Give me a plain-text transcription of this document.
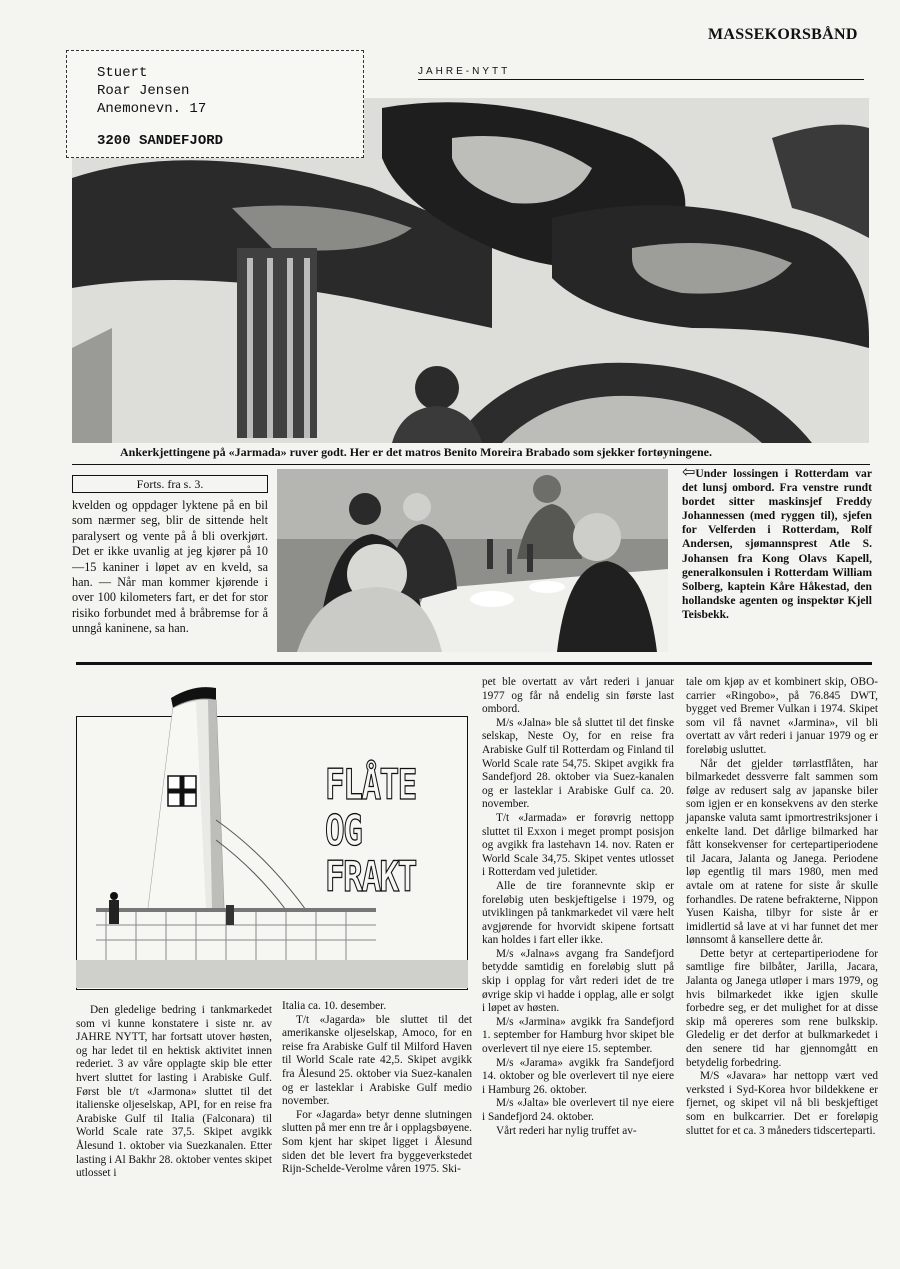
MASSEKORSBÅND
JAHRE-NYTT
Stuert
Roar Jensen
Anemonevn. 17
3200 SANDEFJORD
Ankerkjettingene på «Jarmada» ruver godt. Her er det matros Benito Moreira Brabado som sjekker fortøyningene.
Forts. fra s. 3.
kvelden og oppdager lyktene på en bil som nærmer seg, blir de sittende helt paralysert og vente på å bli overkjørt. Det er ikke uvanlig at jeg kjører på 10—15 kaniner i løpet av en kveld, sa han. — Når man kommer kjørende i over 100 kilometers fart, er det for stor risiko forbundet med å bråbremse for å unngå kaninene, sa han.
⇦Under lossingen i Rotterdam var det lunsj ombord. Fra venstre rundt bordet sitter maskinsjef Freddy Johannessen (med ryggen til), sjefen for Velferden i Rotterdam, Rolf Andersen, sjømannsprest Atle S. Johansen fra Kong Olavs Kapell, generalkonsulen i Rotterdam William Solberg, kaptein Kåre Håkestad, den hollandske agenten og inspektør Kjell Teisbekk.
FLÅTE
OG
FRAKT

Den gledelige bedring i tankmarkedet som vi kunne konstatere i siste nr. av JAHRE NYTT, har fortsatt utover høsten, og har ledet til en hektisk aktivitet innen rederiet. 3 av våre opplagte skip ble etter hvert sluttet for lasting i Arabiske Gulf. Først ble t/t «Jarmona» sluttet til det italienske oljeselskap, API, for en reise fra Arabiske Gulf til Italia (Falconara) til World Scale rate 37,5. Skipet avgikk Ålesund 1. oktober via Suezkanalen. Etter lasting i Al Bakhr 28. oktober ventes skipet utlosset i

Italia ca. 10. desember.

T/t «Jagarda» ble sluttet til det amerikanske oljeselskap, Amoco, for en reise fra Arabiske Gulf til Milford Haven til World Scale rate 42,5. Skipet avgikk fra Ålesund 25. oktober via Suez-kanalen og er lasteklar i Arabiske Gulf medio november.

For «Jagarda» betyr denne slutningen slutten på mer enn tre år i opplagsbøyene. Som kjent har skipet ligget i Ålesund siden det ble levert fra byggeverkstedet Rijn-Schelde-Verolme våren 1975. Ski-

pet ble overtatt av vårt rederi i januar 1977 og får nå endelig sin første last ombord.

M/s «Jalna» ble så sluttet til det finske selskap, Neste Oy, for en reise fra Arabiske Gulf til Rotterdam og Finland til World Scale rate 54,75. Skipet avgikk fra Sandefjord 28. oktober via Suez-kanalen og er lasteklar i Arabiske Gulf ca. 20. november.

T/t «Jarmada» er forøvrig nettopp sluttet til Exxon i meget prompt posisjon og avgikk fra lastehavn 14. nov. Raten er World Scale 34,75. Skipet ventes utlosset i Rotterdam ved juletider.

Alle de tire forannevnte skip er foreløbig uten beskjeftigelse i 1979, og utviklingen på tankmarkedet vil være helt avgjørende for hvorvidt skipene fortsatt kan holdes i fart eller ikke.

M/s «Jalna»s avgang fra Sandefjord betydde samtidig en foreløbig slutt på skip i opplag for vårt rederi idet de tre øvrige skip vi hadde i opplag, alle er solgt i løpet av høsten.

M/s «Jarmina» avgikk fra Sandefjord 1. september for Hamburg hvor skipet ble overlevert til nye eiere 15. september.

M/s «Jarama» avgikk fra Sandefjord 14. oktober og ble overlevert til nye eiere i Hamburg 26. oktober.

M/s «Jalta» ble overlevert til nye eiere i Sandefjord 24. oktober.

Vårt rederi har nylig truffet av-

tale om kjøp av et kombinert skip, OBO-carrier «Ringobo», på 76.845 DWT, bygget ved Bremer Vulkan i 1974. Skipet som vil få navnet «Jarmina», vil bli overtatt av vårt rederi i januar 1979 og er foreløbig usluttet.

Når det gjelder tørrlastflåten, har bilmarkedet dessverre falt sammen som følge av redusert salg av japanske biler som igjen er en konsekvens av den sterke japanske valuta samt ipmortrestriksjoner i enkelte land. Det dårlige bilmarked har fått konsekvenser for certepartiperiodene til Jacara, Jalanta og Janega. Periodene løp egentlig til mars 1980, men med avtale om at ratene for siste år skulle forhandles. De ratene befrakterne, Nippon Yusen Kaisha, tilbyr for siste år er imidlertid så lave at vi har funnet det mer lønnsomt å kansellere dette år.

Dette betyr at certepartiperiodene for samtlige fire bilbåter, Jarilla, Jacara, Jalanta og Janega utløper i mars 1979, og hvis bilmarkedet ikke igjen skulle forbedre seg, er det mulighet for at disse skip må opereres som rene bulkskip. Gledelig er det derfor at bulkmarkedet i den senere tid har gjennomgått en betydelig forbedring.

M/S «Javara» har nettopp vært ved verksted i Syd-Korea hvor bildekkene er fjernet, og skipet vil nå bli beskjeftiget som en bulkcarrier. Det er foreløpig sluttet for et ca. 3 måneders tidscerteparti.
